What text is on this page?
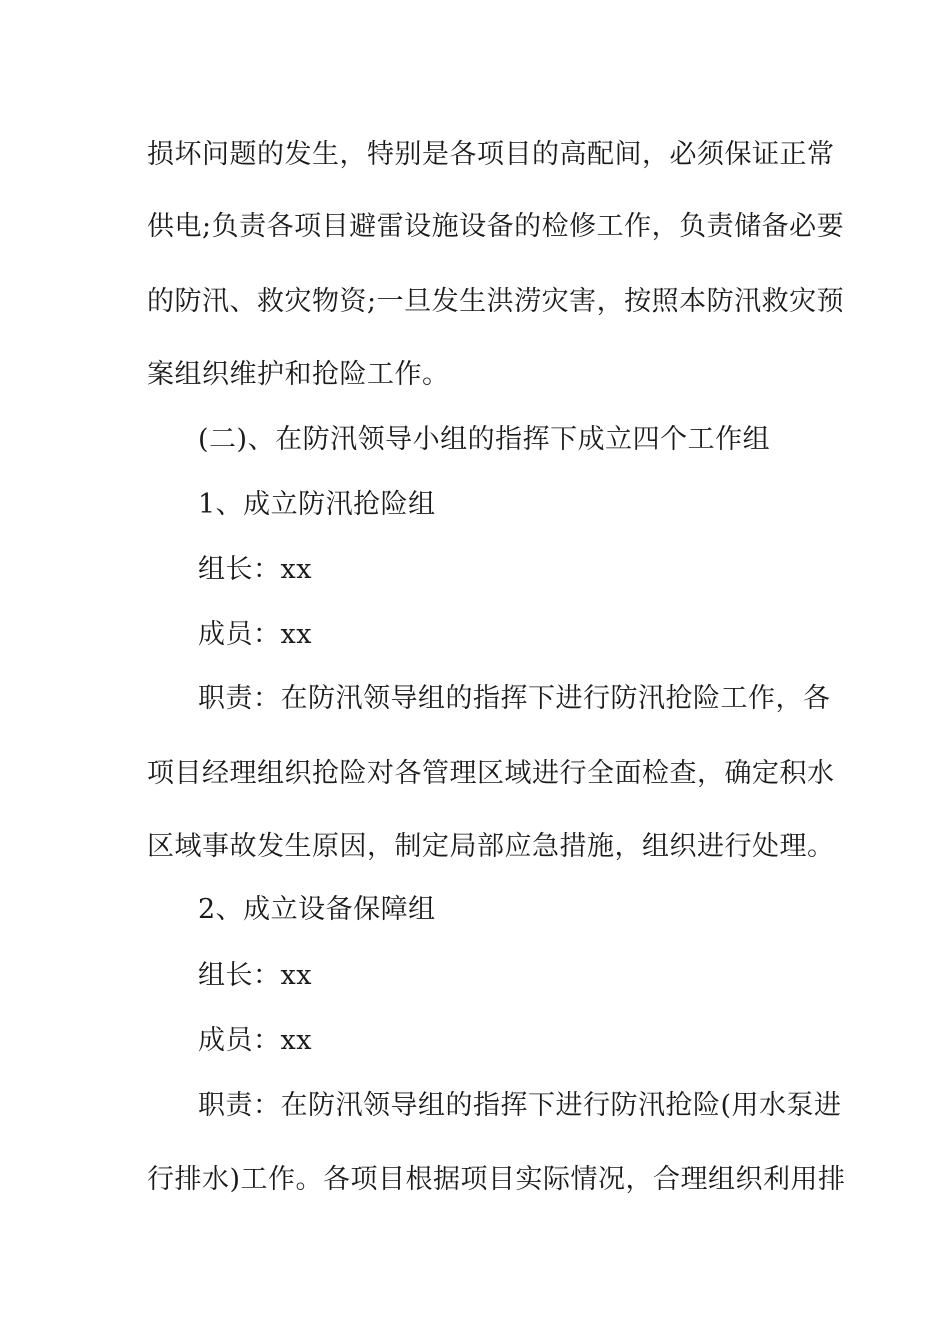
损坏问题的发生，特别是各项目的高配间，必须保证正常
供电;负责各项目避雷设施设备的检修工作，负责储备必要
的防汛、救灾物资;一旦发生洪涝灾害，按照本防汛救灾预
案组织维护和抢险工作。
(二)、在防汛领导小组的指挥下成立四个工作组
1、成立防汛抢险组
组长：xx
成员：xx
职责：在防汛领导组的指挥下进行防汛抢险工作，各
项目经理组织抢险对各管理区域进行全面检查，确定积水
区域事故发生原因，制定局部应急措施，组织进行处理。
2、成立设备保障组
组长：xx
成员：xx
职责：在防汛领导组的指挥下进行防汛抢险(用水泵进
行排水)工作。各项目根据项目实际情况，合理组织利用排
